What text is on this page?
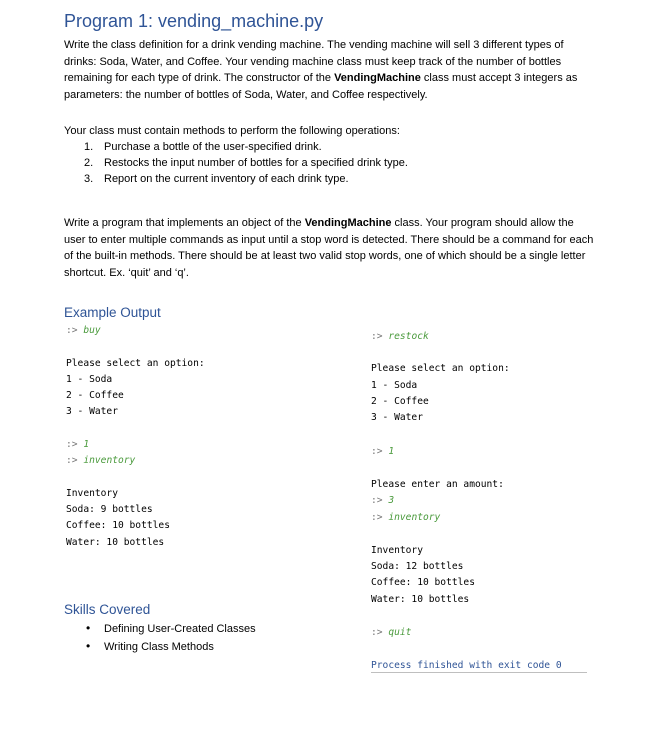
Program 1: vending_machine.py
Write the class definition for a drink vending machine. The vending machine will sell 3 different types of drinks: Soda, Water, and Coffee. Your vending machine class must keep track of the number of bottles remaining for each type of drink. The constructor of the VendingMachine class must accept 3 integers as parameters: the number of bottles of Soda, Water, and Coffee respectively.
Your class must contain methods to perform the following operations:
1. Purchase a bottle of the user-specified drink.
2. Restocks the input number of bottles for a specified drink type.
3. Report on the current inventory of each drink type.
Write a program that implements an object of the VendingMachine class. Your program should allow the user to enter multiple commands as input until a stop word is detected. There should be a command for each of the built-in methods. There should be at least two valid stop words, one of which should be a single letter shortcut. Ex. ‘quit’ and ‘q’.
Example Output
:> buy
Please select an option:
1 - Soda
2 - Coffee
3 - Water
:> 1
:> inventory
Inventory
Soda: 9 bottles
Coffee: 10 bottles
Water: 10 bottles
:> restock
Please select an option:
1 - Soda
2 - Coffee
3 - Water
:> 1
Please enter an amount:
:> 3
:> inventory
Inventory
Soda: 12 bottles
Coffee: 10 bottles
Water: 10 bottles
:> quit
Process finished with exit code 0
Skills Covered
• Defining User-Created Classes
• Writing Class Methods
